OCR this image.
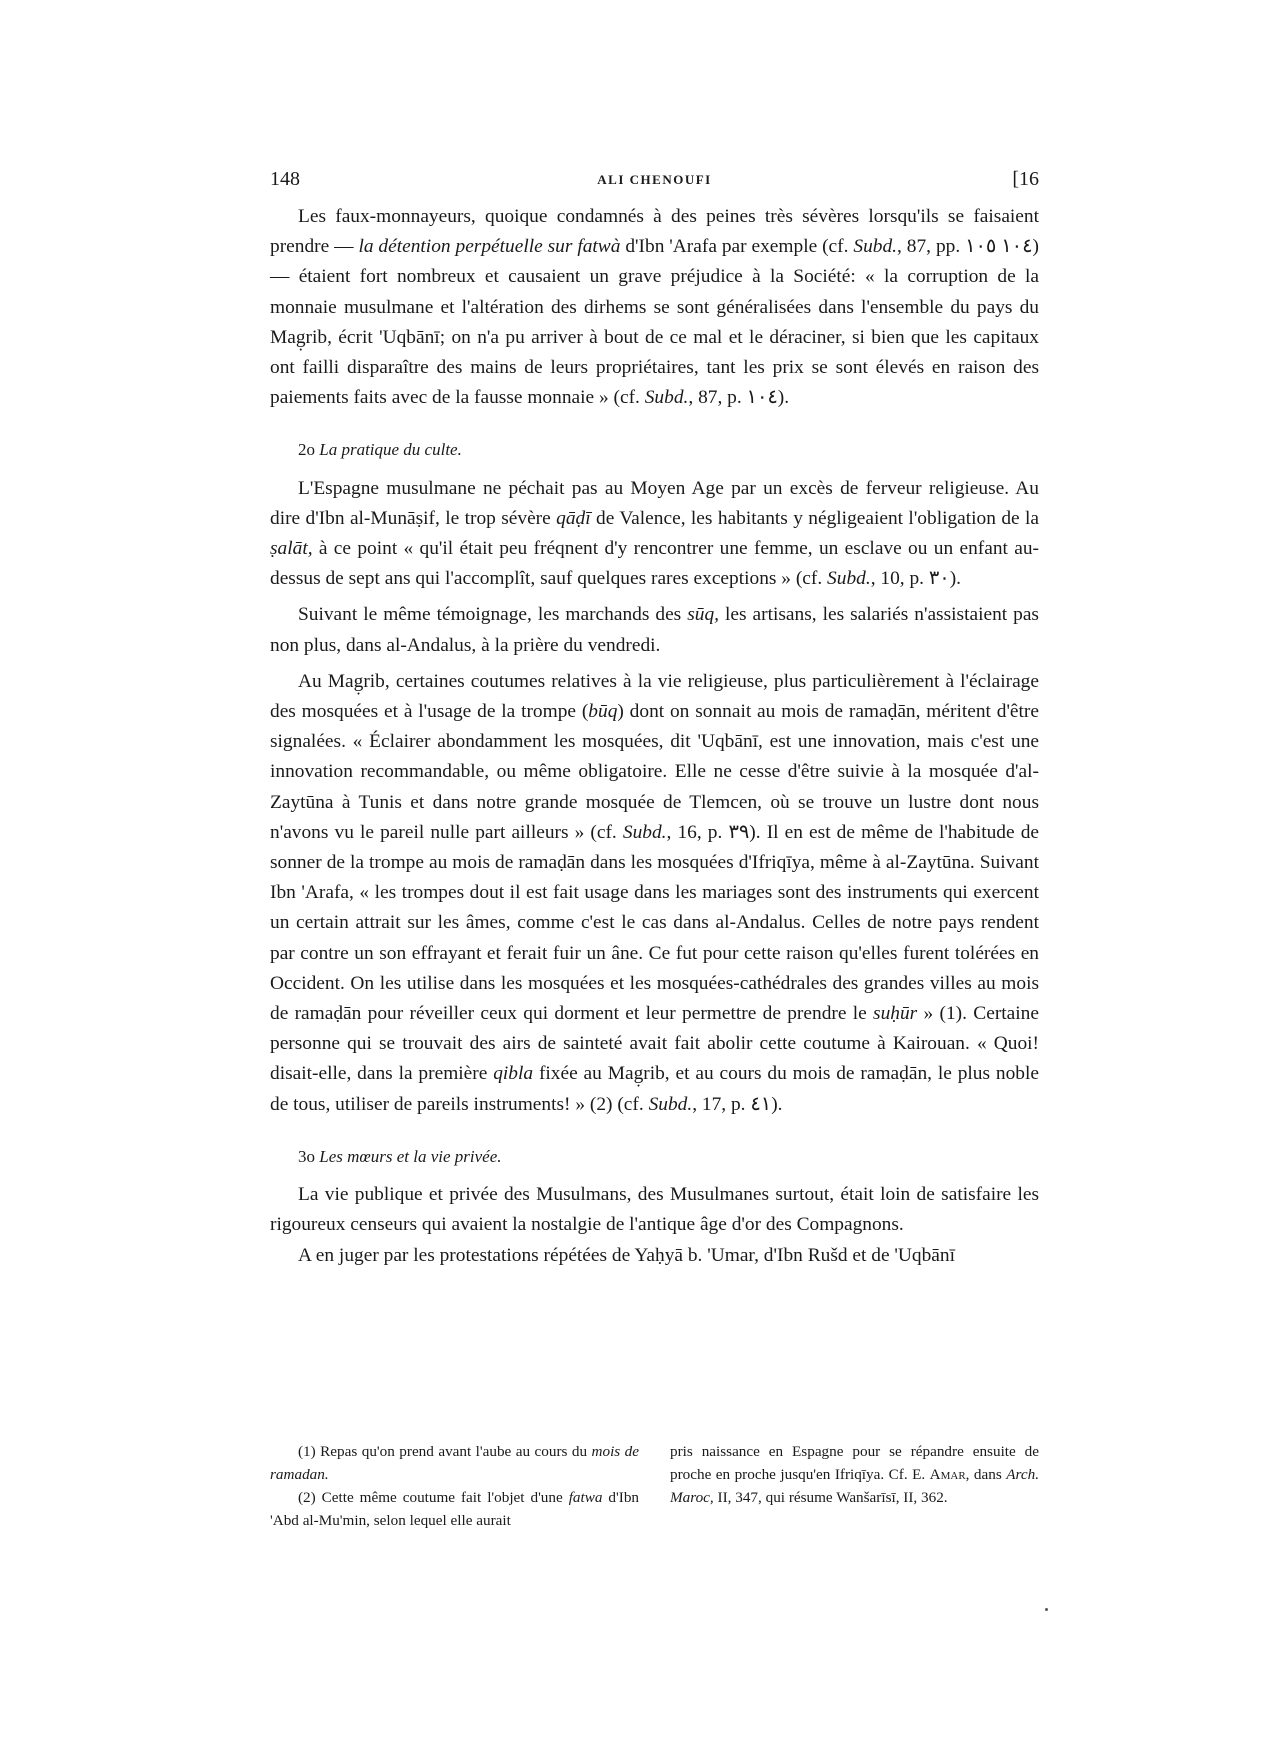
148	ALI CHENOUFI	[16

Les faux-monnayeurs, quoique condamnés à des peines très sévères lorsqu'ils se faisaient prendre — la détention perpétuelle sur fatwà d'Ibn 'Arafa par exemple (cf. Subd., 87, pp. ١٠٤ ١٠٥) — étaient fort nombreux et causaient un grave préjudice à la Société: « la corruption de la monnaie musulmane et l'altération des dirhems se sont généralisées dans l'ensemble du pays du Mag̣rib, écrit 'Uqbānī; on n'a pu arriver à bout de ce mal et le déraciner, si bien que les capitaux ont failli disparaître des mains de leurs propriétaires, tant les prix se sont élevés en raison des paiements faits avec de la fausse monnaie » (cf. Subd., 87, p. ١٠٤).

2o La pratique du culte.

L'Espagne musulmane ne péchait pas au Moyen Age par un excès de ferveur religieuse. Au dire d'Ibn al-Munāṣif, le trop sévère qāḍī de Valence, les habitants y négligeaient l'obligation de la ṣalāt, à ce point « qu'il était peu fréqnent d'y rencontrer une femme, un esclave ou un enfant au-dessus de sept ans qui l'accomplît, sauf quelques rares exceptions » (cf. Subd., 10, p. ٣٠).

Suivant le même témoignage, les marchands des sūq, les artisans, les salariés n'assistaient pas non plus, dans al-Andalus, à la prière du vendredi.

Au Mag̣rib, certaines coutumes relatives à la vie religieuse, plus particulièrement à l'éclairage des mosquées et à l'usage de la trompe (būq) dont on sonnait au mois de ramaḍān, méritent d'être signalées. « Éclairer abondamment les mosquées, dit 'Uqbānī, est une innovation, mais c'est une innovation recommandable, ou même obligatoire. Elle ne cesse d'être suivie à la mosquée d'al-Zaytūna à Tunis et dans notre grande mosquée de Tlemcen, où se trouve un lustre dont nous n'avons vu le pareil nulle part ailleurs » (cf. Subd., 16, p. ٣٩). Il en est de même de l'habitude de sonner de la trompe au mois de ramaḍān dans les mosquées d'Ifriqīya, même à al-Zaytūna. Suivant Ibn 'Arafa, « les trompes dout il est fait usage dans les mariages sont des instruments qui exercent un certain attrait sur les âmes, comme c'est le cas dans al-Andalus. Celles de notre pays rendent par contre un son effrayant et ferait fuir un âne. Ce fut pour cette raison qu'elles furent tolérées en Occident. On les utilise dans les mosquées et les mosquées-cathédrales des grandes villes au mois de ramaḍān pour réveiller ceux qui dorment et leur permettre de prendre le suḥūr » (1). Certaine personne qui se trouvait des airs de sainteté avait fait abolir cette coutume à Kairouan. « Quoi! disait-elle, dans la première qibla fixée au Mag̣rib, et au cours du mois de ramaḍān, le plus noble de tous, utiliser de pareils instruments! » (2) (cf. Subd., 17, p. ٤١).

3o Les mœurs et la vie privée.

La vie publique et privée des Musulmans, des Musulmanes surtout, était loin de satisfaire les rigoureux censeurs qui avaient la nostalgie de l'antique âge d'or des Compagnons.

A en juger par les protestations répétées de Yaḥyā b. 'Umar, d'Ibn Rušd et de 'Uqbānī

(1) Repas qu'on prend avant l'aube au cours du mois de ramadan.

(2) Cette même coutume fait l'objet d'une fatwa d'Ibn 'Abd al-Mu'min, selon lequel elle aurait

pris naissance en Espagne pour se répandre ensuite de proche en proche jusqu'en Ifriqīya. Cf. E. Amar, dans Arch. Maroc, II, 347, qui résume Wanšarīsī, II, 362.
